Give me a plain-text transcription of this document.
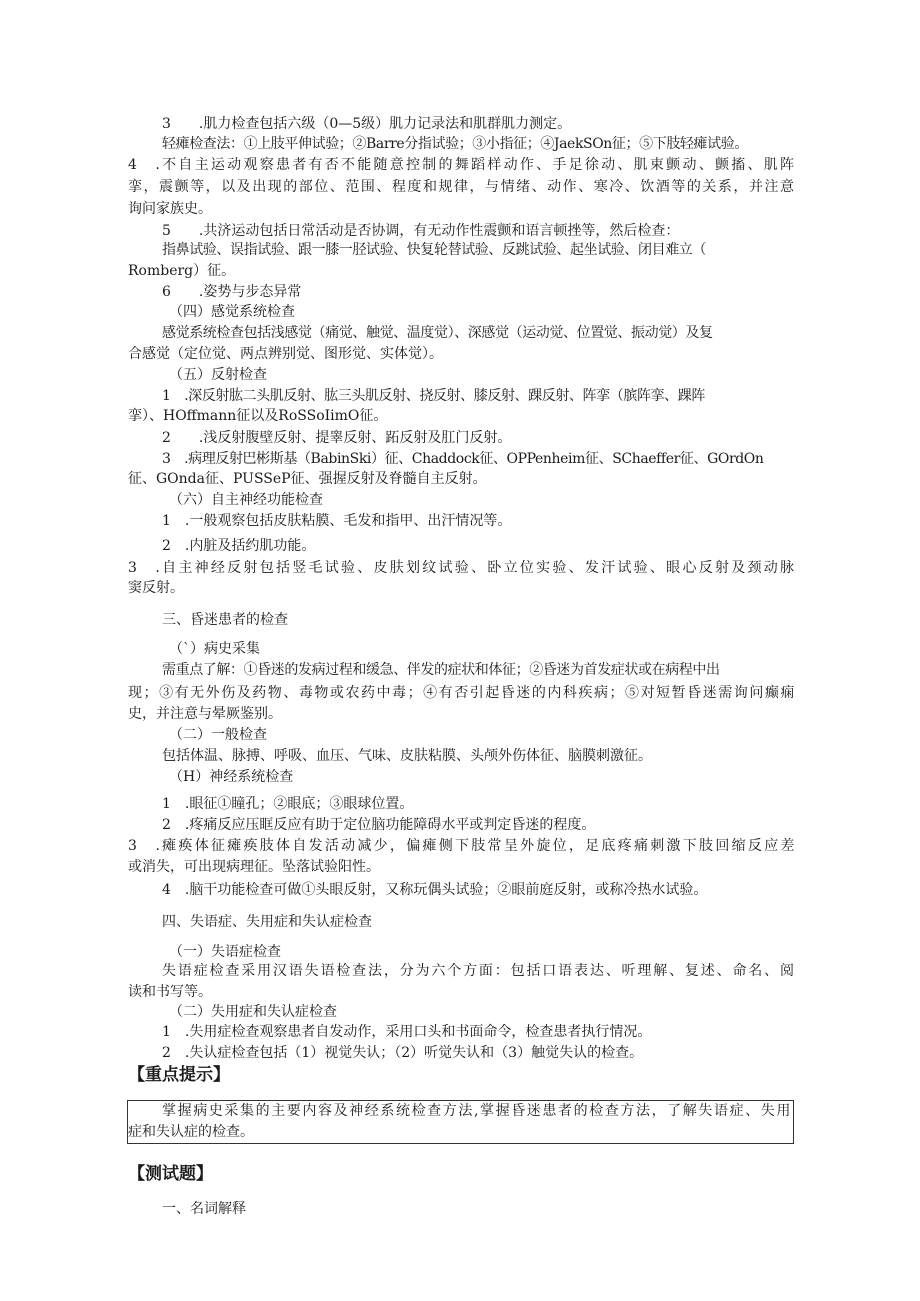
3　　.肌力检查包括六级（0—5级）肌力记录法和肌群肌力测定。
轻瘫检查法：①上肢平伸试验；②Barre分指试验；③小指征；④JaekSOn征；⑤下肢轻瘫试验。
4　.不自主运动观察患者有否不能随意控制的舞蹈样动作、手足徐动、肌束颤动、颤搐、肌阵
挛，震颤等，以及出现的部位、范围、程度和规律，与情绪、动作、寒冷、饮酒等的关系，并注意
询问家族史。
5　　.共济运动包括日常活动是否协调，有无动作性震颤和语言顿挫等，然后检查：
指鼻试验、误指试验、跟一膝一胫试验、快复轮替试验、反跳试验、起坐试验、闭目难立（
Romberg）征。
6　　.姿势与步态异常
（四）感觉系统检查
感觉系统检查包括浅感觉（痛觉、触觉、温度觉）、深感觉（运动觉、位置觉、振动觉）及复
合感觉（定位觉、两点辨别觉、图形觉、实体觉）。
（五）反射检查
1　.深反射肱二头肌反射、肱三头肌反射、挠反射、膝反射、踝反射、阵挛（膑阵挛、踝阵
挛）、HOffmann征以及RoSSoIimO征。
2　　.浅反射腹壁反射、提睾反射、跖反射及肛门反射。
3　.病理反射巴彬斯基（BabinSki）征、Chaddock征、OPPenheim征、SChaeffer征、GOrdOn
征、GOnda征、PUSSeP征、强握反射及脊髓自主反射。
（六）自主神经功能检查
1　.一般观察包括皮肤粘膜、毛发和指甲、出汗情况等。
2　.内脏及括约肌功能。
3　.自主神经反射包括竖毛试验、皮肤划纹试验、卧立位实验、发汗试验、眼心反射及颈动脉
窦反射。
三、昏迷患者的检查
（`）病史采集
需重点了解：①昏迷的发病过程和缓急、伴发的症状和体征；②昏迷为首发症状或在病程中出
现；③有无外伤及药物、毒物或农药中毒；④有否引起昏迷的内科疾病；⑤对短暂昏迷需询问癫痫
史，并注意与晕厥鉴别。
（二）一般检查
包括体温、脉搏、呼吸、血压、气味、皮肤粘膜、头颅外伤体征、脑膜刺激征。
（H）神经系统检查
1　.眼征①瞳孔；②眼底；③眼球位置。
2　.疼痛反应压眶反应有助于定位脑功能障碍水平或判定昏迷的程度。
3　.瘫痪体征瘫痪肢体自发活动减少，偏瘫侧下肢常呈外旋位，足底疼痛刺激下肢回缩反应差
或消失，可出现病理征。坠落试验阳性。
4　.脑干功能检查可做①头眼反射，又称玩偶头试验；②眼前庭反射，或称冷热水试验。
四、失语症、失用症和失认症检查
（一）失语症检查
失语症检查采用汉语失语检查法，分为六个方面：包括口语表达、听理解、复述、命名、阅
读和书写等。
（二）失用症和失认症检查
1　.失用症检查观察患者自发动作，采用口头和书面命令，检查患者执行情况。
2　.失认症检查包括（1）视觉失认；（2）听觉失认和（3）触觉失认的检查。
【重点提示】
掌握病史采集的主要内容及神经系统检查方法,掌握昏迷患者的检查方法，了解失语症、失用
症和失认症的检查。
【测试题】
一、名词解释
